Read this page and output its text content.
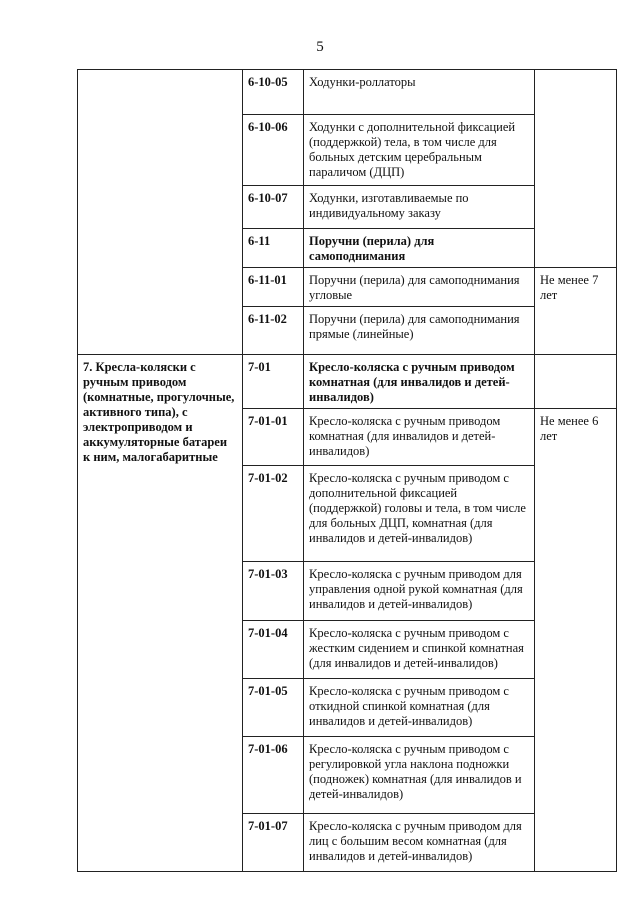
5
	6-10-05	Ходунки-роллаторы	
	6-10-06	Ходунки с дополнительной фиксацией (поддержкой) тела, в том числе для больных детским церебральным параличом (ДЦП)	
	6-10-07	Ходунки, изготавливаемые по индивидуальному заказу	
	6-11	Поручни (перила) для самоподнимания	
	6-11-01	Поручни (перила) для самоподнимания угловые	Не менее 7 лет
	6-11-02	Поручни (перила) для самоподнимания прямые (линейные)	
7. Кресла-коляски с ручным приводом (комнатные, прогулочные, активного типа), с электроприводом и аккумуляторные батареи к ним, малогабаритные	7-01	Кресло-коляска с ручным приводом комнатная (для инвалидов и детей-инвалидов)	
	7-01-01	Кресло-коляска с ручным приводом комнатная (для инвалидов и детей-инвалидов)	Не менее 6 лет
	7-01-02	Кресло-коляска с ручным приводом с дополнительной фиксацией (поддержкой) головы и тела, в том числе для больных ДЦП, комнатная (для инвалидов и детей-инвалидов)	
	7-01-03	Кресло-коляска с ручным приводом для управления одной рукой комнатная (для инвалидов и детей-инвалидов)	
	7-01-04	Кресло-коляска с ручным приводом с жестким сидением и спинкой комнатная (для инвалидов и детей-инвалидов)	
	7-01-05	Кресло-коляска с ручным приводом с откидной спинкой комнатная (для инвалидов и детей-инвалидов)	
	7-01-06	Кресло-коляска с ручным приводом с регулировкой угла наклона подножки (подножек) комнатная (для инвалидов и детей-инвалидов)	
	7-01-07	Кресло-коляска с ручным приводом для лиц с большим весом комнатная (для инвалидов и детей-инвалидов)	
